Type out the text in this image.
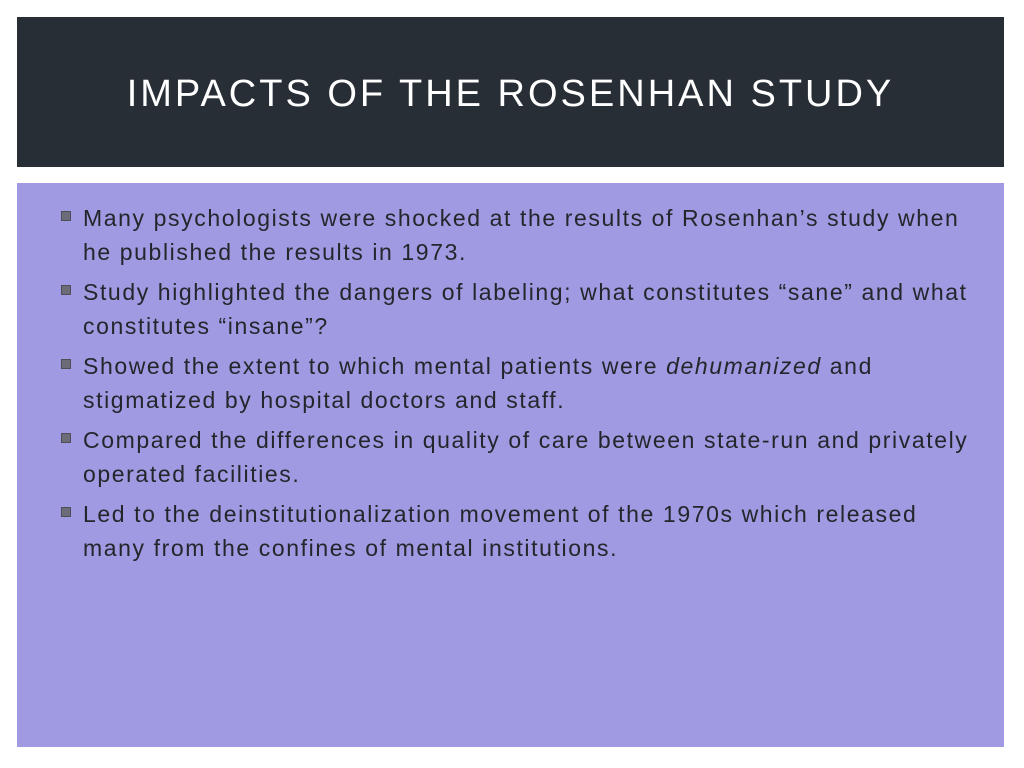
IMPACTS OF THE ROSENHAN STUDY
Many psychologists were shocked at the results of Rosenhan’s study when he published the results in 1973.
Study highlighted the dangers of labeling; what constitutes “sane” and what constitutes “insane”?
Showed the extent to which mental patients were dehumanized and stigmatized by hospital doctors and staff.
Compared the differences in quality of care between state-run and privately operated facilities.
Led to the deinstitutionalization movement of the 1970s which released many from the confines of mental institutions.
